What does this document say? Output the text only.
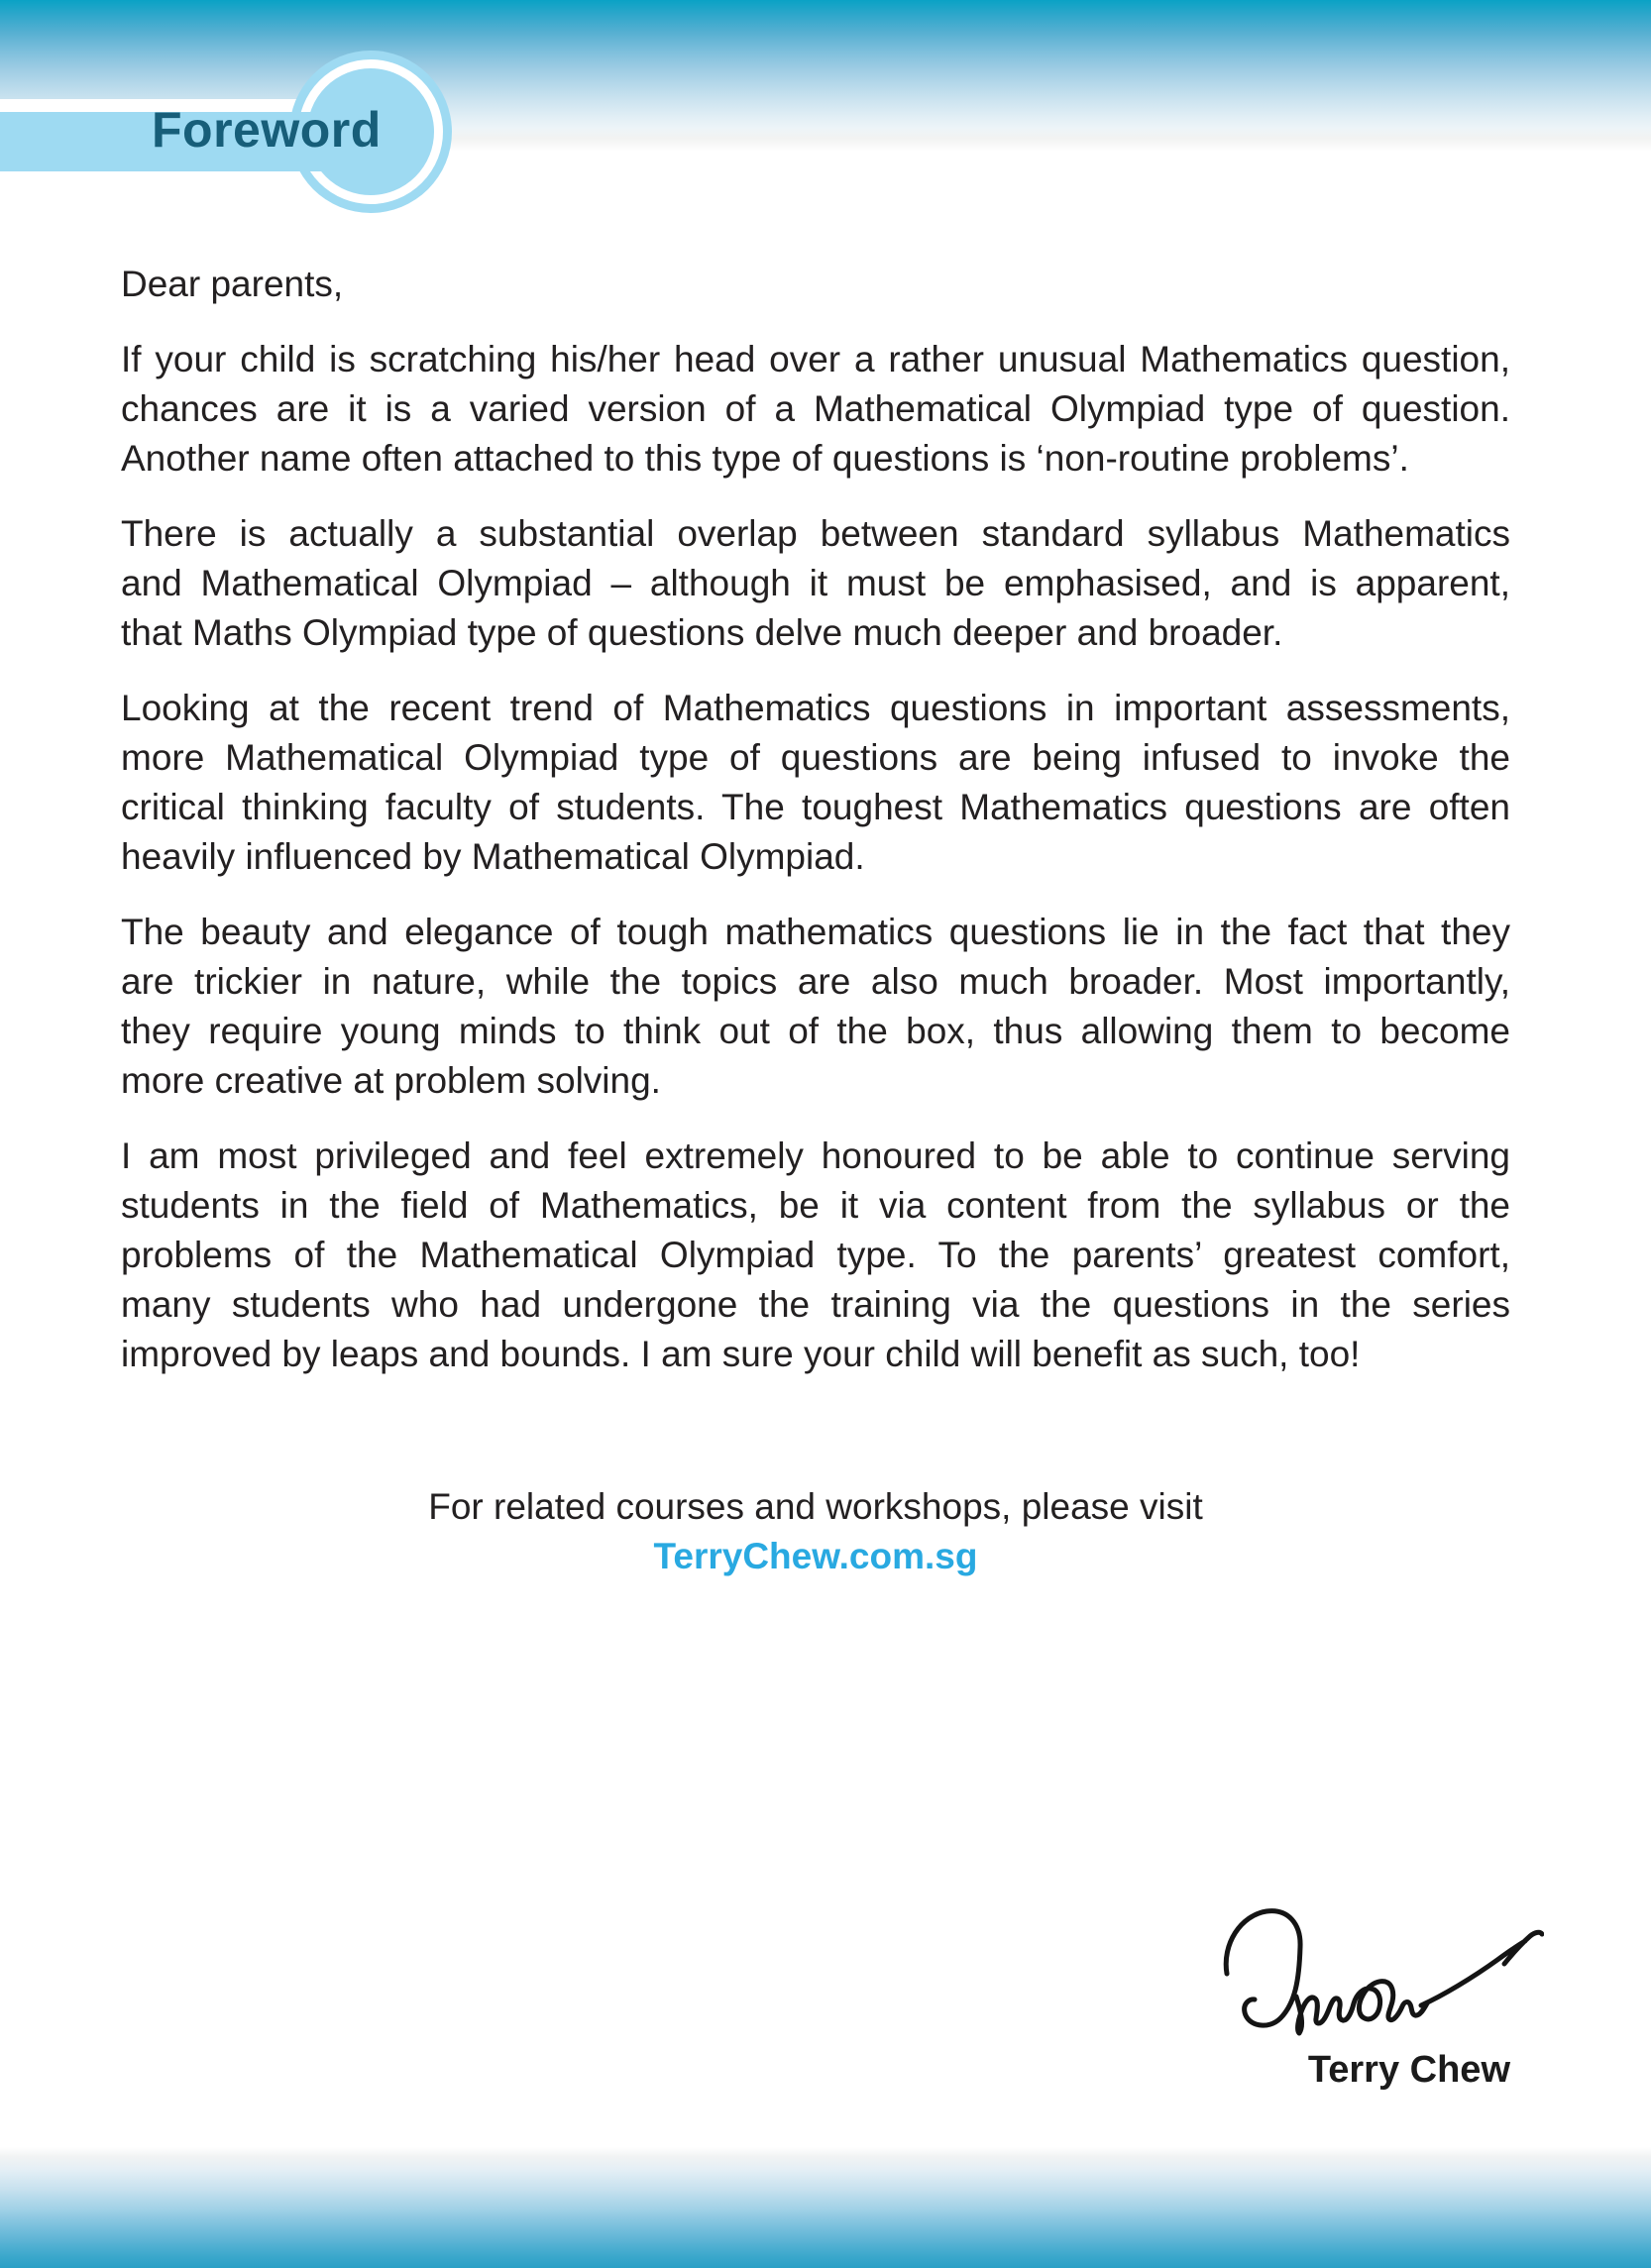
Foreword
Dear parents,
If your child is scratching his/her head over a rather unusual Mathematics question,
chances are it is a varied version of a Mathematical Olympiad type of question.
Another name often attached to this type of questions is ‘non-routine problems’.
There is actually a substantial overlap between standard syllabus Mathematics
and Mathematical Olympiad – although it must be emphasised, and is apparent,
that Maths Olympiad type of questions delve much deeper and broader.
Looking at the recent trend of Mathematics questions in important assessments,
more Mathematical Olympiad type of questions are being infused to invoke the
critical thinking faculty of students. The toughest Mathematics questions are often
heavily influenced by Mathematical Olympiad.
The beauty and elegance of tough mathematics questions lie in the fact that they
are trickier in nature, while the topics are also much broader. Most importantly,
they require young minds to think out of the box, thus allowing them to become
more creative at problem solving.
I am most privileged and feel extremely honoured to be able to continue serving
students in the field of Mathematics, be it via content from the syllabus or the
problems of the Mathematical Olympiad type. To the parents’ greatest comfort,
many students who had undergone the training via the questions in the series
improved by leaps and bounds. I am sure your child will benefit as such, too!
For related courses and workshops, please visit
TerryChew.com.sg
Terry Chew
